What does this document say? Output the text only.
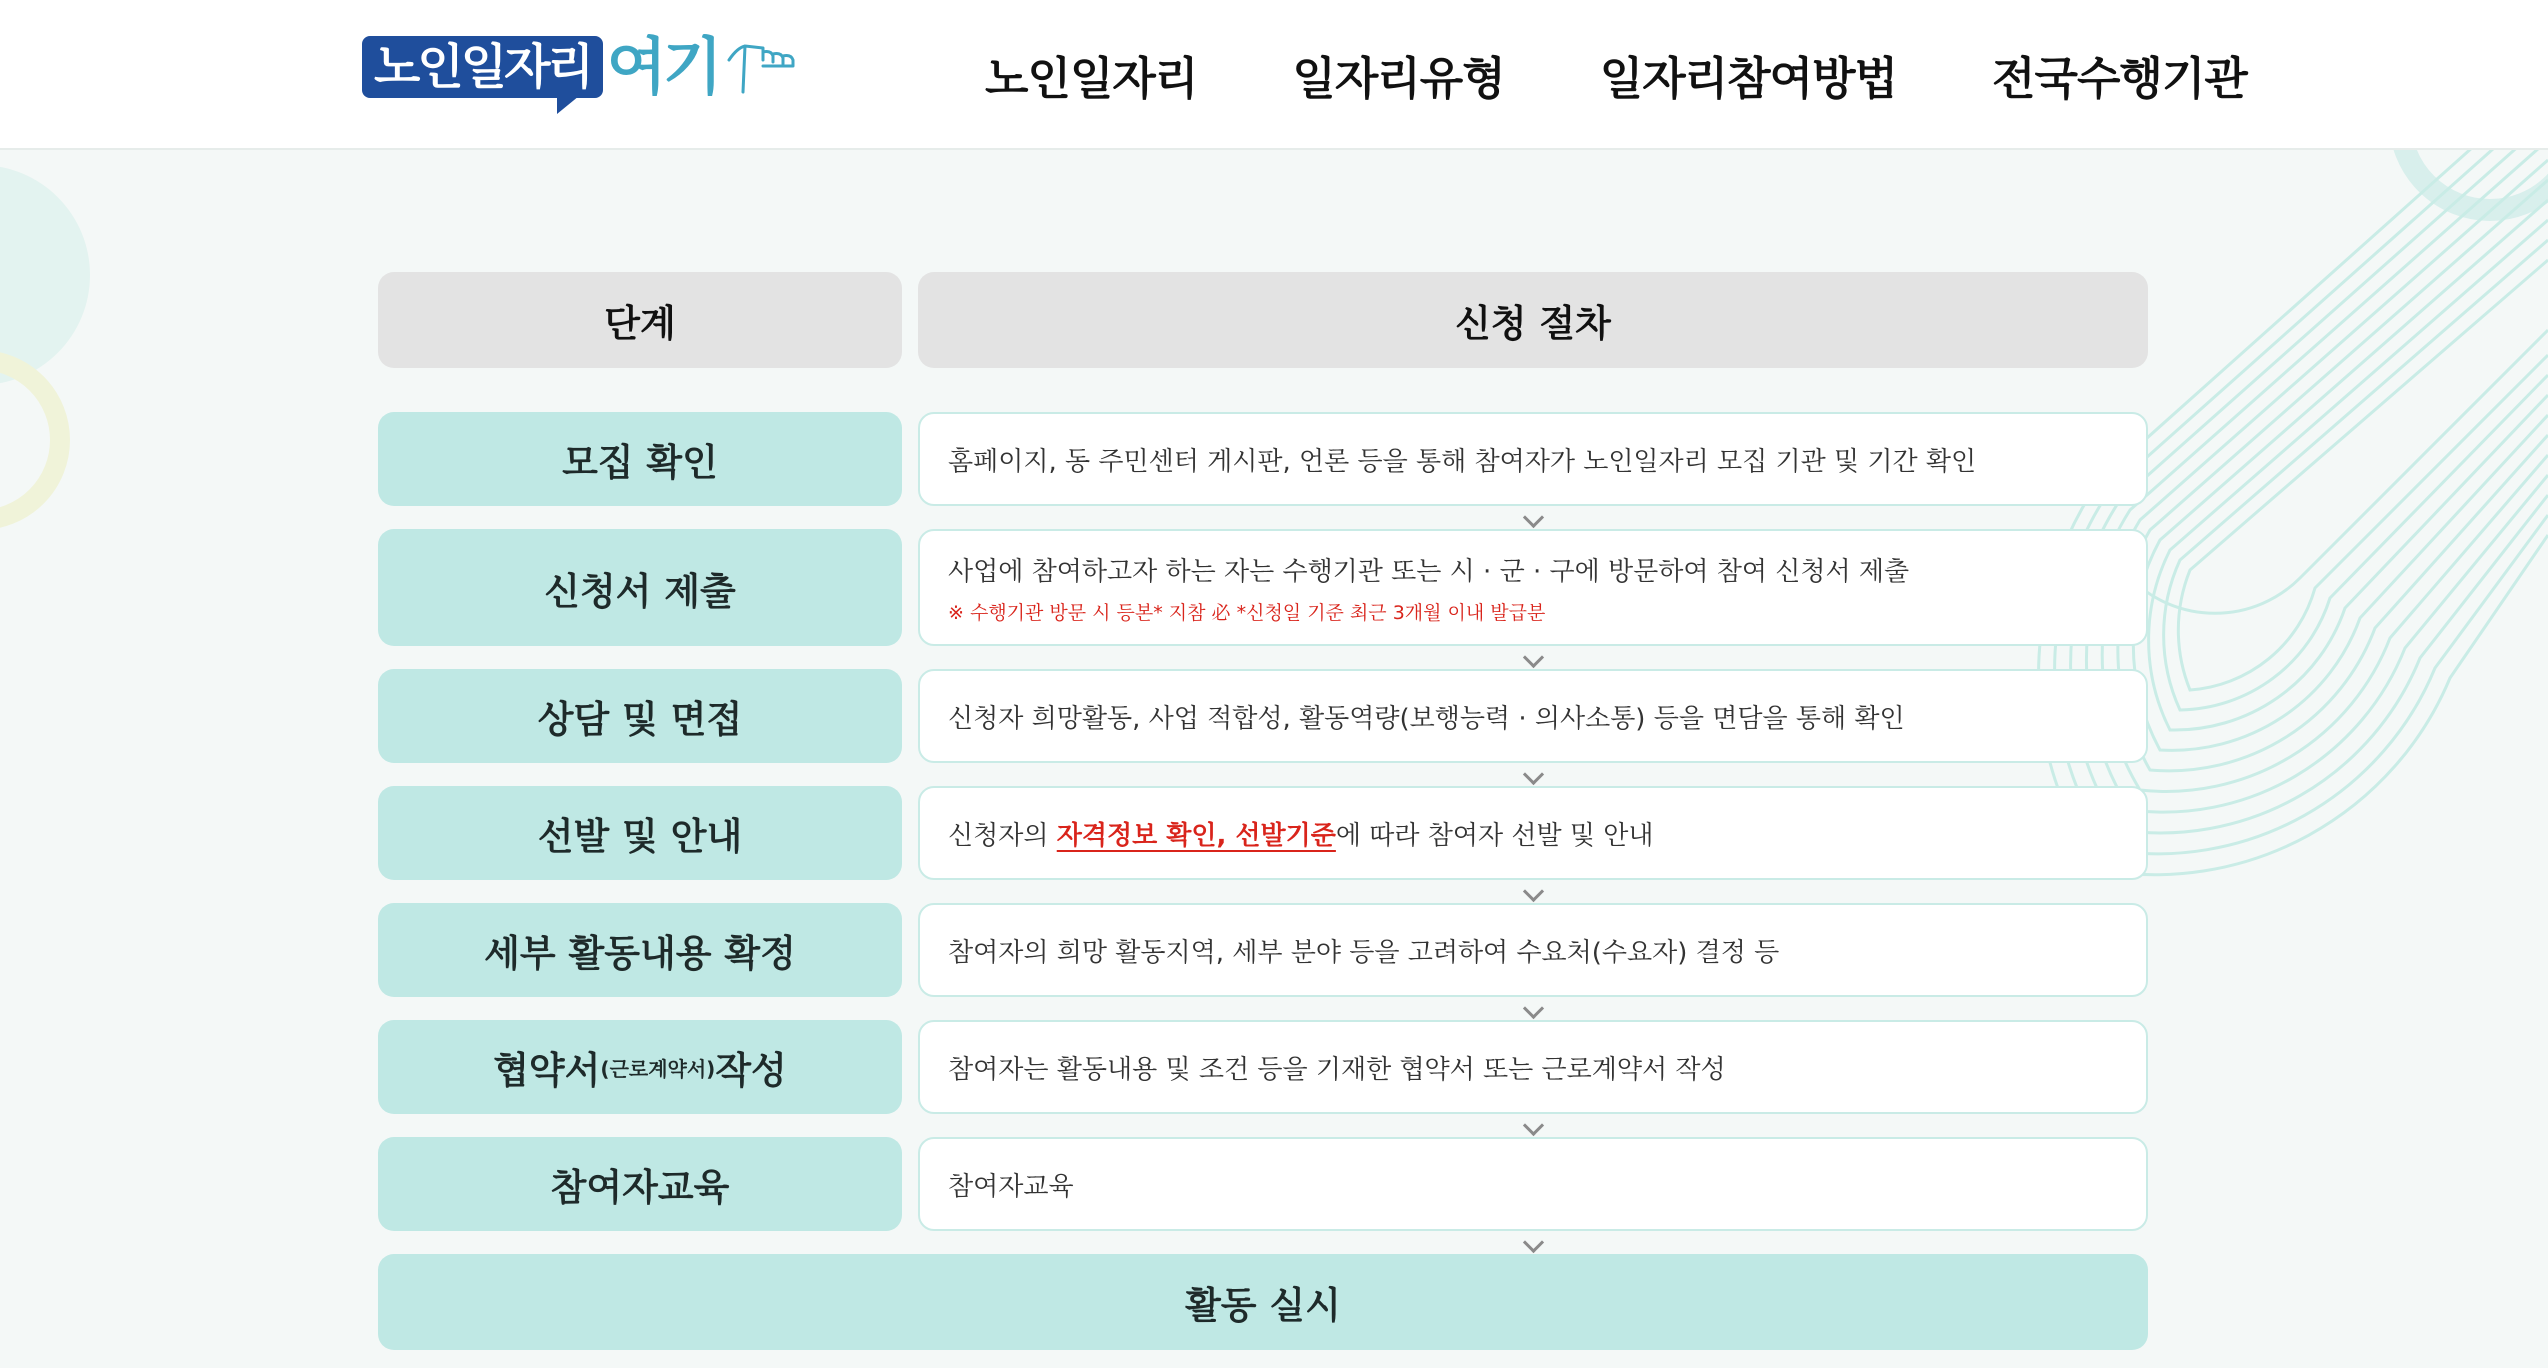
노인일자리 여기	노인일자리 일자리유형 일자리참여방법 전국수행기관
단계	신청 절차
모집 확인	홈페이지, 동 주민센터 게시판, 언론 등을 통해 참여자가 노인일자리 모집 기관 및 기간 확인
신청서 제출	사업에 참여하고자 하는 자는 수행기관 또는 시 · 군 · 구에 방문하여 참여 신청서 제출
※ 수행기관 방문 시 등본* 지참 必 *신청일 기준 최근 3개월 이내 발급분
상담 및 면접	신청자 희망활동, 사업 적합성, 활동역량(보행능력 · 의사소통) 등을 면담을 통해 확인
선발 및 안내	신청자의 자격정보 확인, 선발기준에 따라 참여자 선발 및 안내
세부 활동내용 확정	참여자의 희망 활동지역, 세부 분야 등을 고려하여 수요처(수요자) 결정 등
협약서 (근로계약서) 작성	참여자는 활동내용 및 조건 등을 기재한 협약서 또는 근로계약서 작성
참여자교육	참여자교육
활동 실시
